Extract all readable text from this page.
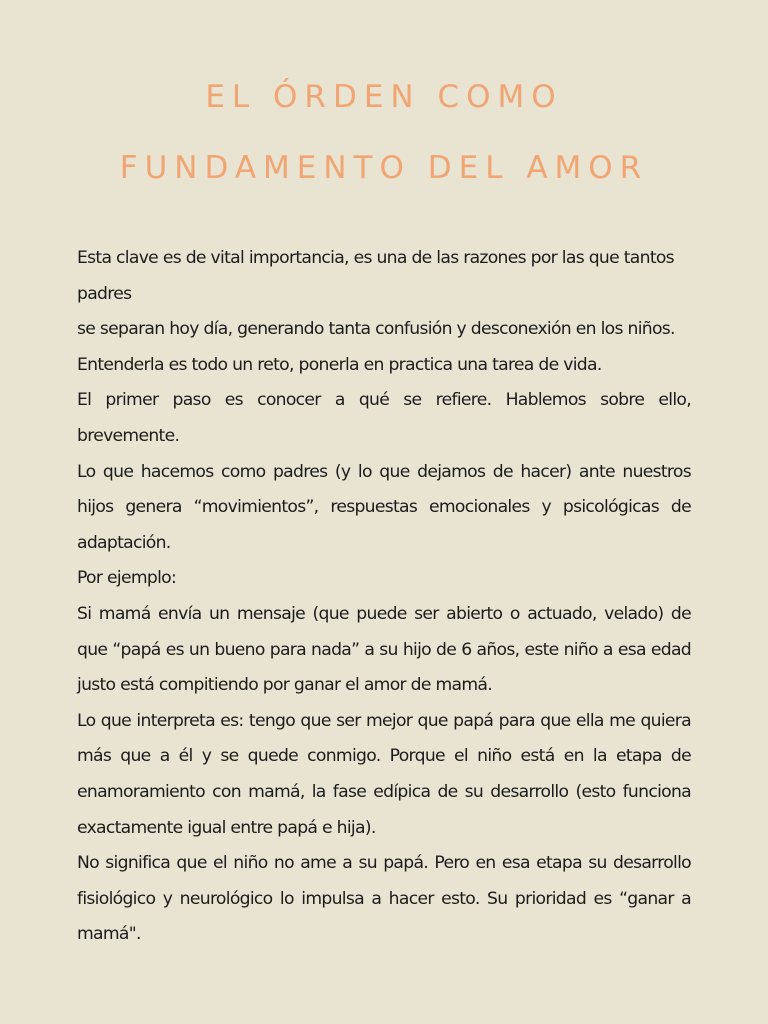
EL ÓRDEN COMO
FUNDAMENTO DEL AMOR

Esta clave es de vital importancia, es una de las razones por las que tantos padres

se separan hoy día, generando tanta confusión y desconexión en los niños.

Entenderla es todo un reto, ponerla en practica una tarea de vida.

El primer paso es conocer a qué se refiere. Hablemos sobre ello, brevemente.

Lo que hacemos como padres (y lo que dejamos de hacer) ante nuestros hijos genera “movimientos”, respuestas emocionales y psicológicas de adaptación.

Por ejemplo:

Si mamá envía un mensaje (que puede ser abierto o actuado, velado) de que “papá es un bueno para nada” a su hijo de 6 años, este niño a esa edad justo está compitiendo por ganar el amor de mamá.

Lo que interpreta es: tengo que ser mejor que papá para que ella me quiera más que a él y se quede conmigo. Porque el niño está en la etapa de enamoramiento con mamá, la fase edípica de su desarrollo (esto funciona exactamente igual entre papá e hija).

No significa que el niño no ame a su papá. Pero en esa etapa su desarrollo fisiológico y neurológico lo impulsa a hacer esto. Su prioridad es “ganar a mamá".
